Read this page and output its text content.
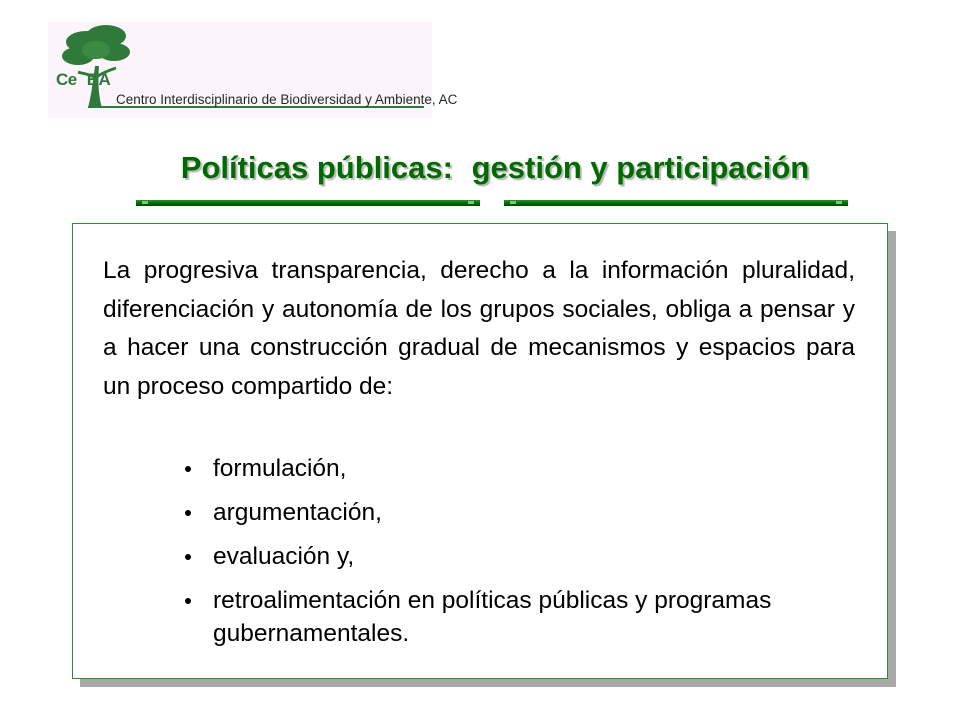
Ce BA
Centro Interdisciplinario de Biodiversidad y Ambiente, AC
Políticas públicas: gestión y participación
La progresiva transparencia, derecho a la información pluralidad, diferenciación y autonomía de los grupos sociales, obliga a pensar y a hacer una construcción gradual de mecanismos y espacios para un proceso compartido de:
formulación,
argumentación,
evaluación y,
retroalimentación en políticas públicas y programas gubernamentales.
